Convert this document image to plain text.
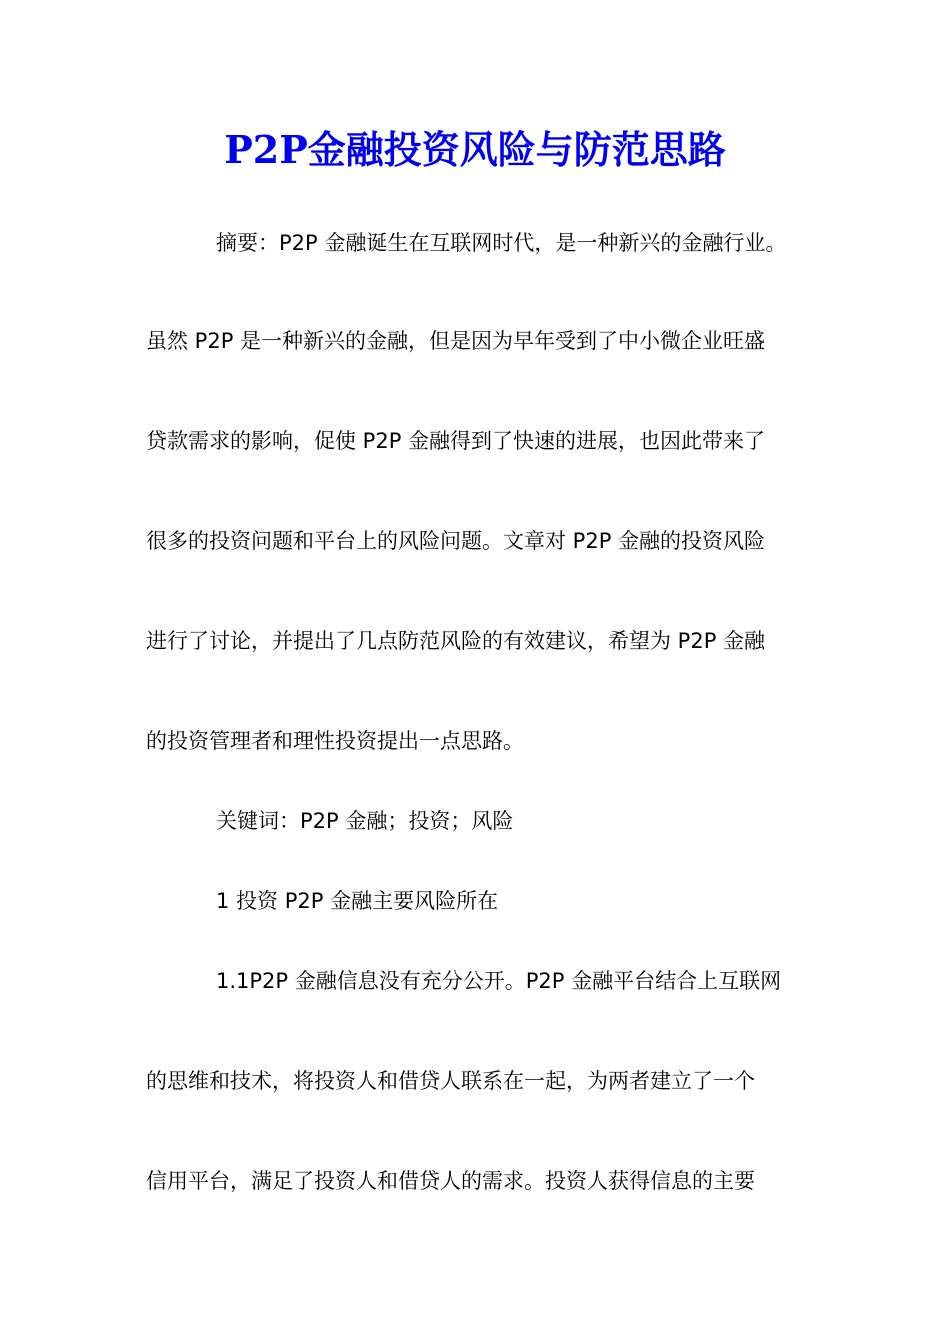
P2P金融投资风险与防范思路
摘要：P2P 金融诞生在互联网时代，是一种新兴的金融行业。
虽然 P2P 是一种新兴的金融，但是因为早年受到了中小微企业旺盛
贷款需求的影响，促使 P2P 金融得到了快速的进展，也因此带来了
很多的投资问题和平台上的风险问题。文章对 P2P 金融的投资风险
进行了讨论，并提出了几点防范风险的有效建议，希望为 P2P 金融
的投资管理者和理性投资提出一点思路。
关键词：P2P 金融；投资；风险
1 投资 P2P 金融主要风险所在
1.1P2P 金融信息没有充分公开。P2P 金融平台结合上互联网
的思维和技术，将投资人和借贷人联系在一起，为两者建立了一个
信用平台，满足了投资人和借贷人的需求。投资人获得信息的主要
